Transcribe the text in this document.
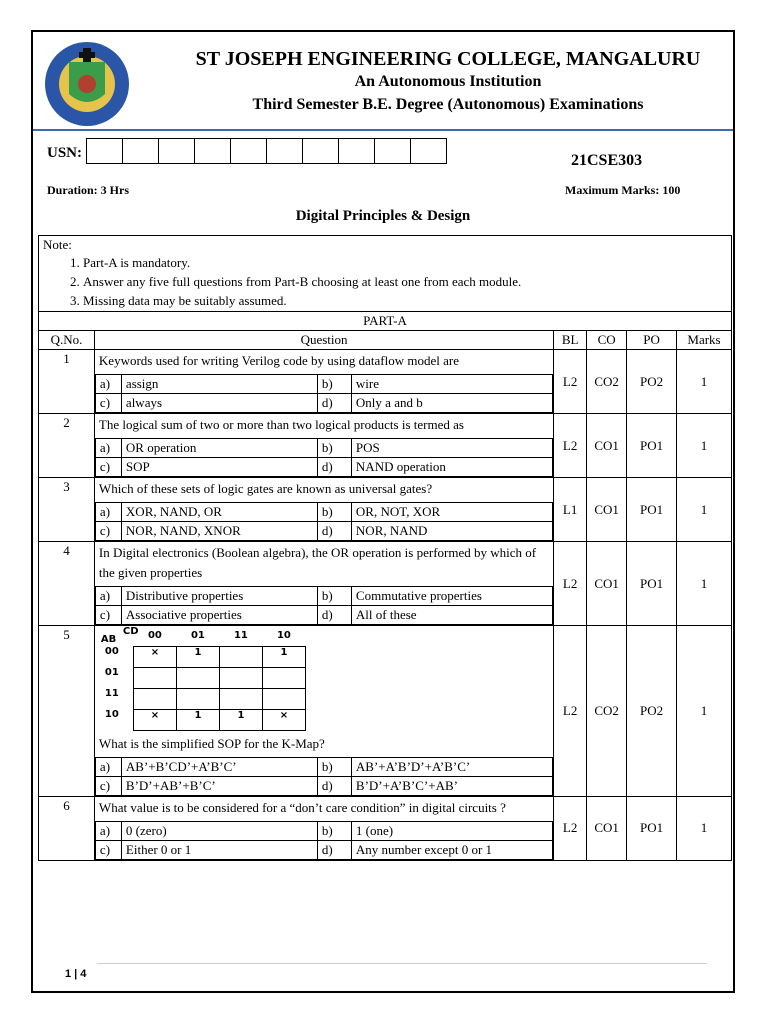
ST JOSEPH ENGINEERING COLLEGE, MANGALURU
An Autonomous Institution
Third Semester B.E. Degree (Autonomous) Examinations
USN:	21CSE303
Duration: 3 Hrs	Maximum Marks: 100
Digital Principles & Design
Note:
1. Part-A is mandatory.
2. Answer any five full questions from Part-B choosing at least one from each module.
3. Missing data may be suitably assumed.

PART-A
Q.No.	Question	BL	CO	PO	Marks
1	Keywords used for writing Verilog code by using dataflow model are
a)	assign	b)	wire
c)	always	d)	Only a and b
	L2	CO2	PO2	1
2	The logical sum of two or more than two logical products is termed as
a)	OR operation	b)	POS
c)	SOP	d)	NAND operation
	L2	CO1	PO1	1
3	Which of these sets of logic gates are known as universal gates?
a)	XOR, NAND, OR	b)	OR, NOT, XOR
c)	NOR, NAND, XNOR	d)	NOR, NAND
	L1	CO1	PO1	1
4	In Digital electronics (Boolean algebra), the OR operation is performed by which of the given properties
a)	Distributive properties	b)	Commutative properties
c)	Associative properties	d)	All of these
	L2	CO1	PO1	1
5		AB
CD	00	01	11	10
00	×	1		1
01				
11				
10	×	1	1	×
What is the simplified SOP for the K-Map?
a)	AB’+B’CD’+A’B’C’	b)	AB’+A’B’D’+A’B’C’
c)	B’D’+AB’+B’C’	d)	B’D’+A’B’C’+AB’
	L2	CO2	PO2	1
6	What value is to be considered for a “don’t care condition” in digital circuits ?
a)	0 (zero)	b)	1 (one)
c)	Either 0 or 1	d)	Any number except 0 or 1
	L2	CO1	PO1	1
1 | 4
